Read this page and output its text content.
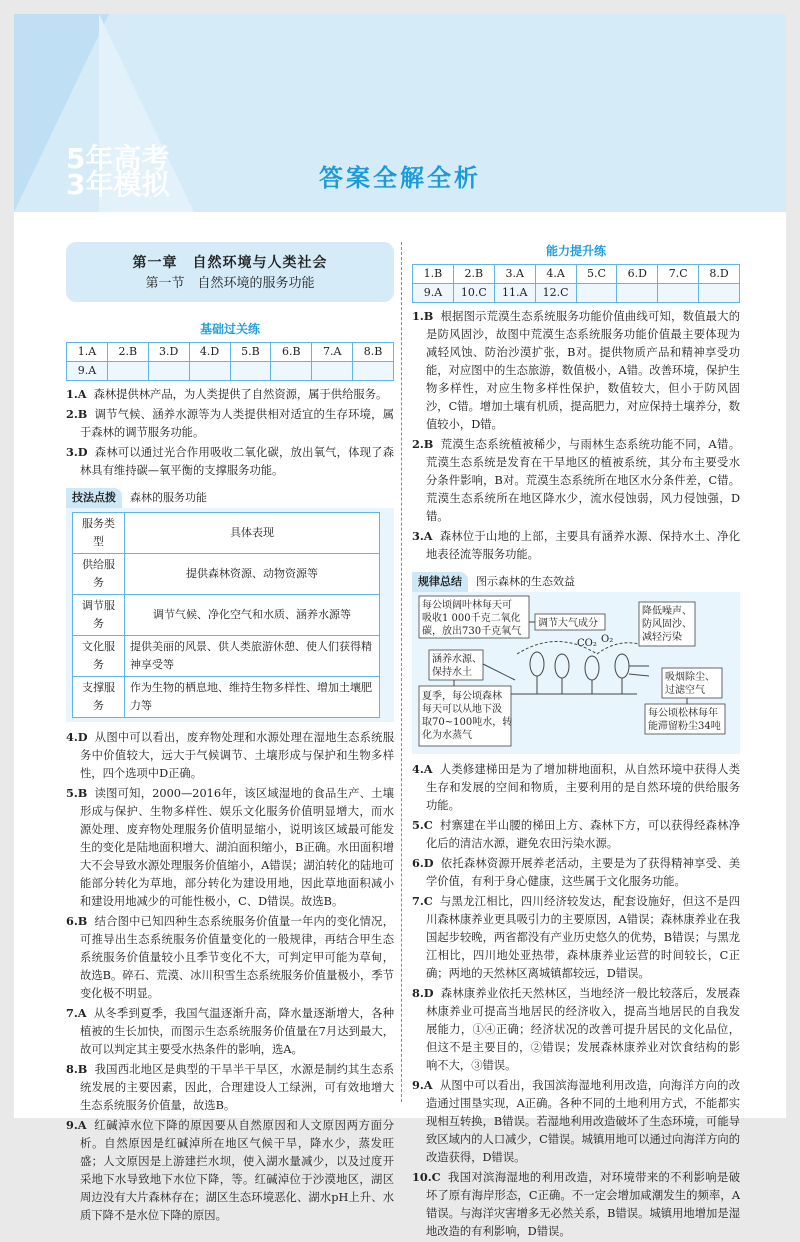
5年高考
3年模拟	答案全解全析
第一章　自然环境与人类社会
第一节　自然环境的服务功能
基础过关练
1.A	2.B	3.D	4.D	5.B	6.B	7.A	8.B
9.A							
1.A 森林提供林产品，为人类提供了自然资源，属于供给服务。
2.B 调节气候、涵养水源等为人类提供相对适宜的生存环境，属于森林的调节服务功能。
3.D 森林可以通过光合作用吸收二氧化碳，放出氧气，体现了森林具有维持碳—氧平衡的支撑服务功能。
技法点拨 森林的服务功能
服务类型	具体表现
供给服务	提供森林资源、动物资源等
调节服务	调节气候、净化空气和水质、涵养水源等
文化服务	提供美丽的风景、供人类旅游休憩、使人们获得精神享受等
支撑服务	作为生物的栖息地、维持生物多样性、增加土壤肥力等
4.D 从图中可以看出，废弃物处理和水源处理在湿地生态系统服务中价值较大，远大于气候调节、土壤形成与保护和生物多样性，四个选项中D正确。
5.B 读图可知，2000—2016年，该区域湿地的食品生产、土壤形成与保护、生物多样性、娱乐文化服务价值明显增大，而水源处理、废弃物处理服务价值明显缩小，说明该区域最可能发生的变化是陆地面积增大、湖泊面积缩小，B正确。水田面积增大不会导致水源处理服务价值缩小，A错误；湖泊转化的陆地可能部分转化为草地，部分转化为建设用地，因此草地面积减小和建设用地减少的可能性极小，C、D错误。故选B。
6.B 结合图中已知四种生态系统服务价值量一年内的变化情况，可推导出生态系统服务价值量变化的一般规律，再结合甲生态系统服务价值量较小且季节变化不大，可判定甲可能为草甸，故选B。碎石、荒漠、冰川积雪生态系统服务价值量极小，季节变化极不明显。
7.A 从冬季到夏季，我国气温逐渐升高，降水量逐渐增大，各种植被的生长加快，而图示生态系统服务价值量在7月达到最大，故可以判定其主要受水热条件的影响，选A。
8.B 我国西北地区是典型的干旱半干旱区，水源是制约其生态系统发展的主要因素，因此，合理建设人工绿洲，可有效地增大生态系统服务价值量，故选B。
9.A 红碱淖水位下降的原因要从自然原因和人文原因两方面分析。自然原因是红碱淖所在地区气候干旱，降水少，蒸发旺盛；人文原因是上游建拦水坝，使入湖水量减少，以及过度开采地下水导致地下水位下降，等。红碱淖位于沙漠地区，湖区周边没有大片森林存在；湖区生态环境恶化、湖水pH上升、水质下降不是水位下降的原因。
能力提升练
1.B	2.B	3.A	4.A	5.C	6.D	7.C	8.D
9.A	10.C	11.A	12.C				
1.B 根据图示荒漠生态系统服务功能价值曲线可知，数值最大的是防风固沙，故图中荒漠生态系统服务功能价值最主要体现为减轻风蚀、防治沙漠扩张，B对。提供物质产品和精神享受功能，对应图中的生态旅游，数值极小，A错。改善环境，保护生物多样性，对应生物多样性保护，数值较大，但小于防风固沙，C错。增加土壤有机质，提高肥力，对应保持土壤养分，数值较小，D错。
2.B 荒漠生态系统植被稀少，与雨林生态系统功能不同，A错。荒漠生态系统是发育在干旱地区的植被系统，其分布主要受水分条件影响，B对。荒漠生态系统所在地区水分条件差，C错。荒漠生态系统所在地区降水少，流水侵蚀弱，风力侵蚀强，D错。
3.A 森林位于山地的上部，主要具有涵养水源、保持水土、净化地表径流等服务功能。
规律总结 图示森林的生态效益
每公顷阔叶林每天可
吸收1 000千克二氧化
碳，放出730千克氧气
调节大气成分
降低噪声、
防风固沙、
减轻污染
涵养水源、
保持水土	吸烟除尘、
过滤空气
夏季，每公顷森林
每天可以从地下汲
取70~100吨水，转
化为水蒸气
每公顷松林每年
能滞留粉尘34吨
CO₂ O₂
4.A 人类修建梯田是为了增加耕地面积，从自然环境中获得人类生存和发展的空间和物质，主要利用的是自然环境的供给服务功能。
5.C 村寨建在半山腰的梯田上方、森林下方，可以获得经森林净化后的清洁水源，避免农田污染水源。
6.D 依托森林资源开展养老活动，主要是为了获得精神享受、美学价值，有利于身心健康，这些属于文化服务功能。
7.C 与黑龙江相比，四川经济较发达，配套设施好，但这不是四川森林康养业更具吸引力的主要原因，A错误；森林康养业在我国起步较晚，两省都没有产业历史悠久的优势，B错误；与黑龙江相比，四川地处亚热带，森林康养业运营的时间较长，C正确；两地的天然林区离城镇都较远，D错误。
8.D 森林康养业依托天然林区，当地经济一般比较落后，发展森林康养业可提高当地居民的经济收入，提高当地居民的自我发展能力，①④正确；经济状况的改善可提升居民的文化品位，但这不是主要目的，②错误；发展森林康养业对饮食结构的影响不大，③错误。
9.A 从图中可以看出，我国滨海湿地利用改造，向海洋方向的改造通过围垦实现，A正确。各种不同的土地利用方式，不能都实现相互转换，B错误。若湿地利用改造破坏了生态环境，可能导致区域内的人口减少，C错误。城镇用地可以通过向海洋方向的改造获得，D错误。
10.C 我国对滨海湿地的利用改造，对环境带来的不利影响是破坏了原有海岸形态，C正确。不一定会增加咸潮发生的频率，A错误。与海洋灾害增多无必然关系，B错误。城镇用地增加是湿地改造的有利影响，D错误。
